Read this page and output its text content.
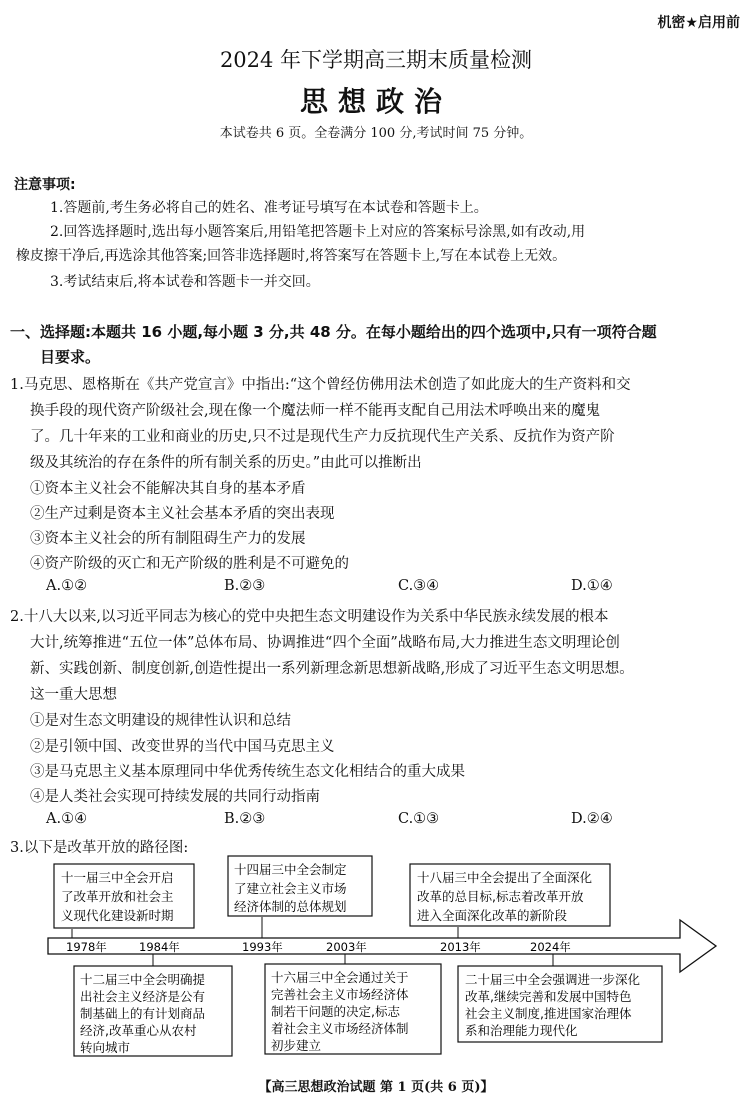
机密★启用前
2024 年下学期高三期末质量检测
思想政治
本试卷共 6 页。全卷满分 100 分,考试时间 75 分钟。
注意事项:
1.答题前,考生务必将自己的姓名、准考证号填写在本试卷和答题卡上。
2.回答选择题时,选出每小题答案后,用铅笔把答题卡上对应的答案标号涂黑,如有改动,用
橡皮擦干净后,再选涂其他答案;回答非选择题时,将答案写在答题卡上,写在本试卷上无效。
3.考试结束后,将本试卷和答题卡一并交回。
一、选择题:本题共 16 小题,每小题 3 分,共 48 分。在每小题给出的四个选项中,只有一项符合题
目要求。
1.马克思、恩格斯在《共产党宣言》中指出:“这个曾经仿佛用法术创造了如此庞大的生产资料和交
换手段的现代资产阶级社会,现在像一个魔法师一样不能再支配自己用法术呼唤出来的魔鬼
了。几十年来的工业和商业的历史,只不过是现代生产力反抗现代生产关系、反抗作为资产阶
级及其统治的存在条件的所有制关系的历史。”由此可以推断出
①资本主义社会不能解决其自身的基本矛盾
②生产过剩是资本主义社会基本矛盾的突出表现
③资本主义社会的所有制阻碍生产力的发展
④资产阶级的灭亡和无产阶级的胜利是不可避免的
A.①②	B.②③	C.③④	D.①④
2.十八大以来,以习近平同志为核心的党中央把生态文明建设作为关系中华民族永续发展的根本
大计,统筹推进“五位一体”总体布局、协调推进“四个全面”战略布局,大力推进生态文明理论创
新、实践创新、制度创新,创造性提出一系列新理念新思想新战略,形成了习近平生态文明思想。
这一重大思想
①是对生态文明建设的规律性认识和总结
②是引领中国、改变世界的当代中国马克思主义
③是马克思主义基本原理同中华优秀传统生态文化相结合的重大成果
④是人类社会实现可持续发展的共同行动指南
A.①④	B.②③	C.①③	D.②④
3.以下是改革开放的路径图:
十一届三中全会开启
了改革开放和社会主
义现代化建设新时期
十四届三中全会制定
了建立社会主义市场
经济体制的总体规划
十八届三中全会提出了全面深化
改革的总目标,标志着改革开放
进入全面深化改革的新阶段
1978年	1984年	1993年	2003年	2013年	2024年
十二届三中全会明确提
出社会主义经济是公有
制基础上的有计划商品
经济,改革重心从农村
转向城市
十六届三中全会通过关于
完善社会主义市场经济体
制若干问题的决定,标志
着社会主义市场经济体制
初步建立
二十届三中全会强调进一步深化
改革,继续完善和发展中国特色
社会主义制度,推进国家治理体
系和治理能力现代化
【高三思想政治试题 第 1 页(共 6 页)】
